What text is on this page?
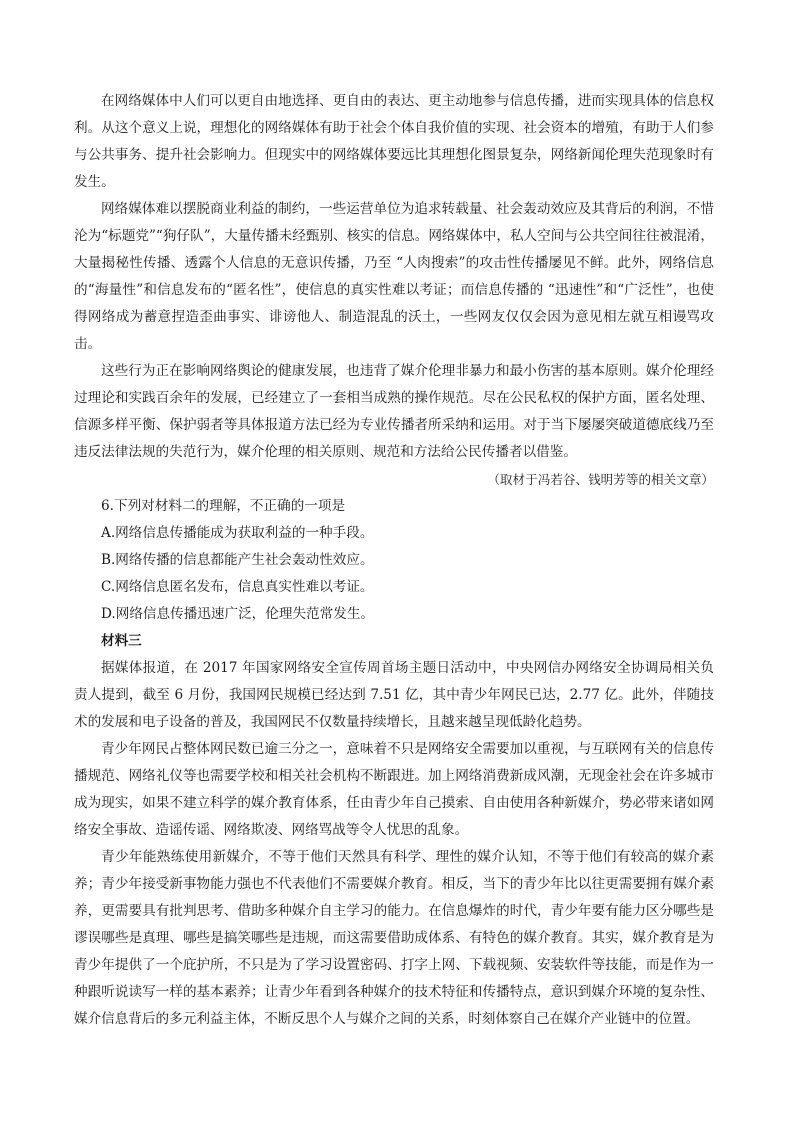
在网络媒体中人们可以更自由地选择、更自由的表达、更主动地参与信息传播，进而实现具体的信息权利。从这个意义上说，理想化的网络媒体有助于社会个体自我价值的实现、社会资本的增殖，有助于人们参与公共事务、提升社会影响力。但现实中的网络媒体要远比其理想化图景复杂，网络新闻伦理失范现象时有发生。

网络媒体难以摆脱商业利益的制约，一些运营单位为追求转载量、社会轰动效应及其背后的利润，不惜沦为“标题党”“狗仔队”，大量传播未经甄别、核实的信息。网络媒体中，私人空间与公共空间往往被混淆，大量揭秘性传播、透露个人信息的无意识传播，乃至 “人肉搜索”的攻击性传播屡见不鲜。此外，网络信息的“海量性”和信息发布的“匿名性”，使信息的真实性难以考证；而信息传播的 “迅速性”和“广泛性”，也使得网络成为蓄意捏造歪曲事实、诽谤他人、制造混乱的沃土，一些网友仅仅会因为意见相左就互相谩骂攻击。

这些行为正在影响网络舆论的健康发展，也违背了媒介伦理非暴力和最小伤害的基本原则。媒介伦理经过理论和实践百余年的发展，已经建立了一套相当成熟的操作规范。尽在公民私权的保护方面，匿名处理、信源多样平衡、保护弱者等具体报道方法已经为专业传播者所采纳和运用。对于当下屡屡突破道德底线乃至违反法律法规的失范行为，媒介伦理的相关原则、规范和方法给公民传播者以借鉴。

（取材于冯若谷、钱明芳等的相关文章）

6.下列对材料二的理解，不正确的一项是

A.网络信息传播能成为获取利益的一种手段。

B.网络传播的信息都能产生社会轰动性效应。

C.网络信息匿名发布，信息真实性难以考证。

D.网络信息传播迅速广泛，伦理失范常发生。

材料三

据媒体报道，在 2017 年国家网络安全宣传周首场主题日活动中，中央网信办网络安全协调局相关负责人提到，截至 6 月份，我国网民规模已经达到 7.51 亿，其中青少年网民已达，2.77 亿。此外，伴随技术的发展和电子设备的普及，我国网民不仅数量持续增长，且越来越呈现低龄化趋势。

青少年网民占整体网民数已逾三分之一，意味着不只是网络安全需要加以重视，与互联网有关的信息传播规范、网络礼仪等也需要学校和相关社会机构不断跟进。加上网络消费新成风潮，无现金社会在许多城市成为现实，如果不建立科学的媒介教育体系，任由青少年自己摸索、自由使用各种新媒介，势必带来诸如网络安全事故、造谣传谣、网络欺凌、网络骂战等令人忧思的乱象。

青少年能熟练使用新媒介，不等于他们天然具有科学、理性的媒介认知，不等于他们有较高的媒介素养；青少年接受新事物能力强也不代表他们不需要媒介教育。相反，当下的青少年比以往更需要拥有媒介素养，更需要具有批判思考、借助多种媒介自主学习的能力。在信息爆炸的时代，青少年要有能力区分哪些是谬误哪些是真理、哪些是搞笑哪些是违规，而这需要借助成体系、有特色的媒介教育。其实，媒介教育是为青少年提供了一个庇护所，不只是为了学习设置密码、打字上网、下载视频、安装软件等技能，而是作为一种跟听说读写一样的基本素养；让青少年看到各种媒介的技术特征和传播特点，意识到媒介环境的复杂性、媒介信息背后的多元利益主体，不断反思个人与媒介之间的关系，时刻体察自己在媒介产业链中的位置。
